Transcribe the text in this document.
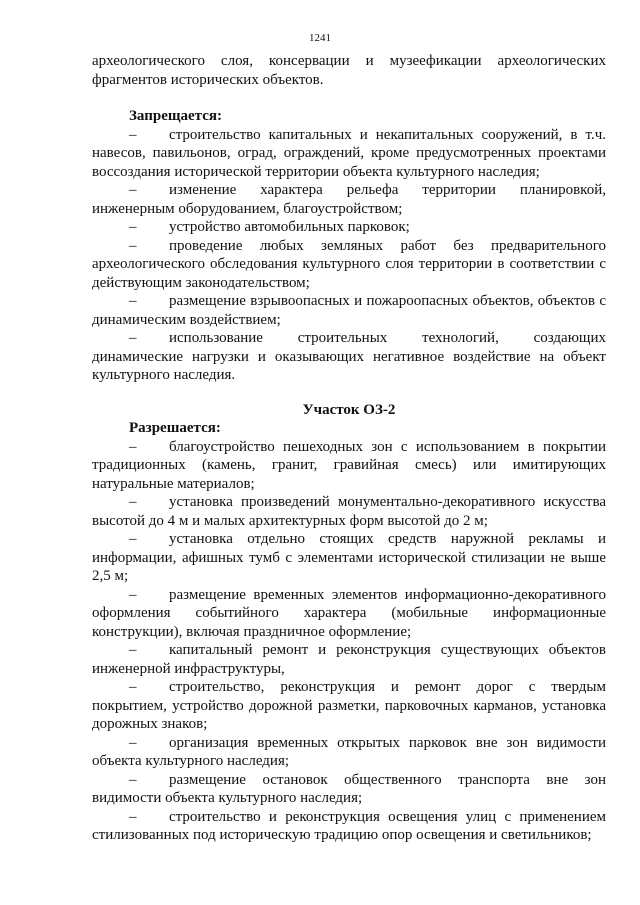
1241

археологического слоя, консервации и музеефикации археологических фрагментов исторических объектов.

Запрещается:

– строительство капитальных и некапитальных сооружений, в т.ч. навесов, павильонов, оград, ограждений, кроме предусмотренных проектами воссоздания исторической территории объекта культурного наследия;

– изменение характера рельефа территории планировкой, инженерным оборудованием, благоустройством;

– устройство автомобильных парковок;

– проведение любых земляных работ без предварительного археологического обследования культурного слоя территории в соответствии с действующим законодательством;

– размещение взрывоопасных и пожароопасных объектов, объектов с динамическим воздействием;

– использование строительных технологий, создающих динамические нагрузки и оказывающих негативное воздействие на объект культурного наследия.

Участок ОЗ-2

Разрешается:

– благоустройство пешеходных зон с использованием в покрытии традиционных (камень, гранит, гравийная смесь) или имитирующих натуральные материалов;

– установка произведений монументально-декоративного искусства высотой до 4 м и малых архитектурных форм высотой до 2 м;

– установка отдельно стоящих средств наружной рекламы и информации, афишных тумб с элементами исторической стилизации не выше 2,5 м;

– размещение временных элементов информационно-декоративного оформления событийного характера (мобильные информационные конструкции), включая праздничное оформление;

– капитальный ремонт и реконструкция существующих объектов инженерной инфраструктуры,

– строительство, реконструкция и ремонт дорог с твердым покрытием, устройство дорожной разметки, парковочных карманов, установка дорожных знаков;

– организация временных открытых парковок вне зон видимости объекта культурного наследия;

– размещение остановок общественного транспорта вне зон видимости объекта культурного наследия;

– строительство и реконструкция освещения улиц с применением стилизованных под историческую традицию опор освещения и светильников;
